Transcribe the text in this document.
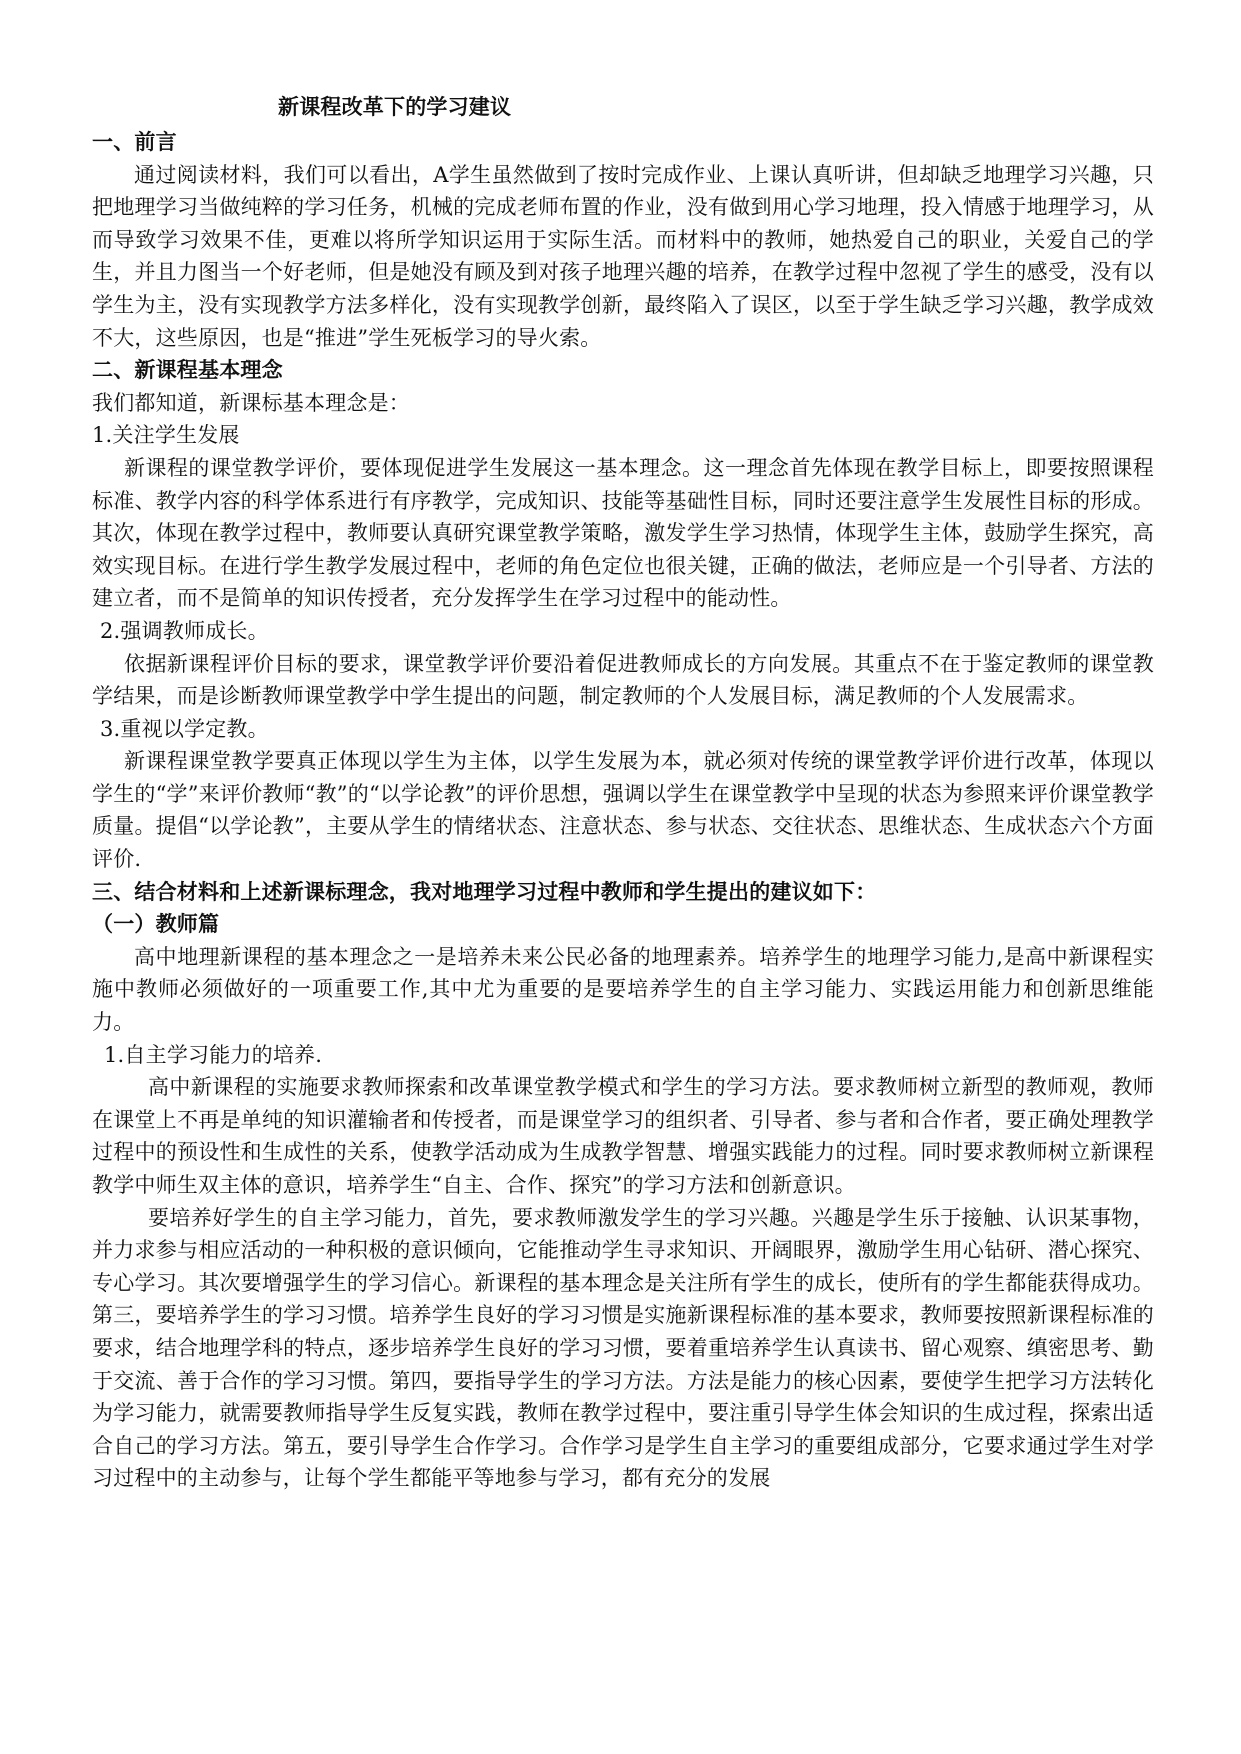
新课程改革下的学习建议
一、前言

通过阅读材料，我们可以看出，A学生虽然做到了按时完成作业、上课认真听讲，但却缺乏地理学习兴趣，只把地理学习当做纯粹的学习任务，机械的完成老师布置的作业，没有做到用心学习地理，投入情感于地理学习，从而导致学习效果不佳，更难以将所学知识运用于实际生活。而材料中的教师，她热爱自己的职业，关爱自己的学生，并且力图当一个好老师，但是她没有顾及到对孩子地理兴趣的培养，在教学过程中忽视了学生的感受，没有以学生为主，没有实现教学方法多样化，没有实现教学创新，最终陷入了误区，以至于学生缺乏学习兴趣，教学成效不大，这些原因，也是“推进”学生死板学习的导火索。

二、新课程基本理念

我们都知道，新课标基本理念是：

1.关注学生发展

新课程的课堂教学评价，要体现促进学生发展这一基本理念。这一理念首先体现在教学目标上，即要按照课程标准、教学内容的科学体系进行有序教学，完成知识、技能等基础性目标，同时还要注意学生发展性目标的形成。其次，体现在教学过程中，教师要认真研究课堂教学策略，激发学生学习热情，体现学生主体，鼓励学生探究，高效实现目标。在进行学生教学发展过程中，老师的角色定位也很关键，正确的做法，老师应是一个引导者、方法的建立者，而不是简单的知识传授者，充分发挥学生在学习过程中的能动性。

2.强调教师成长。

依据新课程评价目标的要求，课堂教学评价要沿着促进教师成长的方向发展。其重点不在于鉴定教师的课堂教学结果，而是诊断教师课堂教学中学生提出的问题，制定教师的个人发展目标，满足教师的个人发展需求。

3.重视以学定教。

新课程课堂教学要真正体现以学生为主体，以学生发展为本，就必须对传统的课堂教学评价进行改革，体现以学生的“学”来评价教师“教”的“以学论教”的评价思想，强调以学生在课堂教学中呈现的状态为参照来评价课堂教学质量。提倡“以学论教”，主要从学生的情绪状态、注意状态、参与状态、交往状态、思维状态、生成状态六个方面评价.

三、结合材料和上述新课标理念，我对地理学习过程中教师和学生提出的建议如下：
（一）教师篇

高中地理新课程的基本理念之一是培养未来公民必备的地理素养。培养学生的地理学习能力,是高中新课程实施中教师必须做好的一项重要工作,其中尤为重要的是要培养学生的自主学习能力、实践运用能力和创新思维能力。

1.自主学习能力的培养.

高中新课程的实施要求教师探索和改革课堂教学模式和学生的学习方法。要求教师树立新型的教师观，教师在课堂上不再是单纯的知识灌输者和传授者，而是课堂学习的组织者、引导者、参与者和合作者，要正确处理教学过程中的预设性和生成性的关系，使教学活动成为生成教学智慧、增强实践能力的过程。同时要求教师树立新课程教学中师生双主体的意识，培养学生“自主、合作、探究”的学习方法和创新意识。

要培养好学生的自主学习能力，首先，要求教师激发学生的学习兴趣。兴趣是学生乐于接触、认识某事物，并力求参与相应活动的一种积极的意识倾向，它能推动学生寻求知识、开阔眼界，激励学生用心钻研、潜心探究、专心学习。其次要增强学生的学习信心。新课程的基本理念是关注所有学生的成长，使所有的学生都能获得成功。第三，要培养学生的学习习惯。培养学生良好的学习习惯是实施新课程标准的基本要求，教师要按照新课程标准的要求，结合地理学科的特点，逐步培养学生良好的学习习惯，要着重培养学生认真读书、留心观察、缜密思考、勤于交流、善于合作的学习习惯。第四，要指导学生的学习方法。方法是能力的核心因素，要使学生把学习方法转化为学习能力，就需要教师指导学生反复实践，教师在教学过程中，要注重引导学生体会知识的生成过程，探索出适合自己的学习方法。第五，要引导学生合作学习。合作学习是学生自主学习的重要组成部分，它要求通过学生对学习过程中的主动参与，让每个学生都能平等地参与学习，都有充分的发展
